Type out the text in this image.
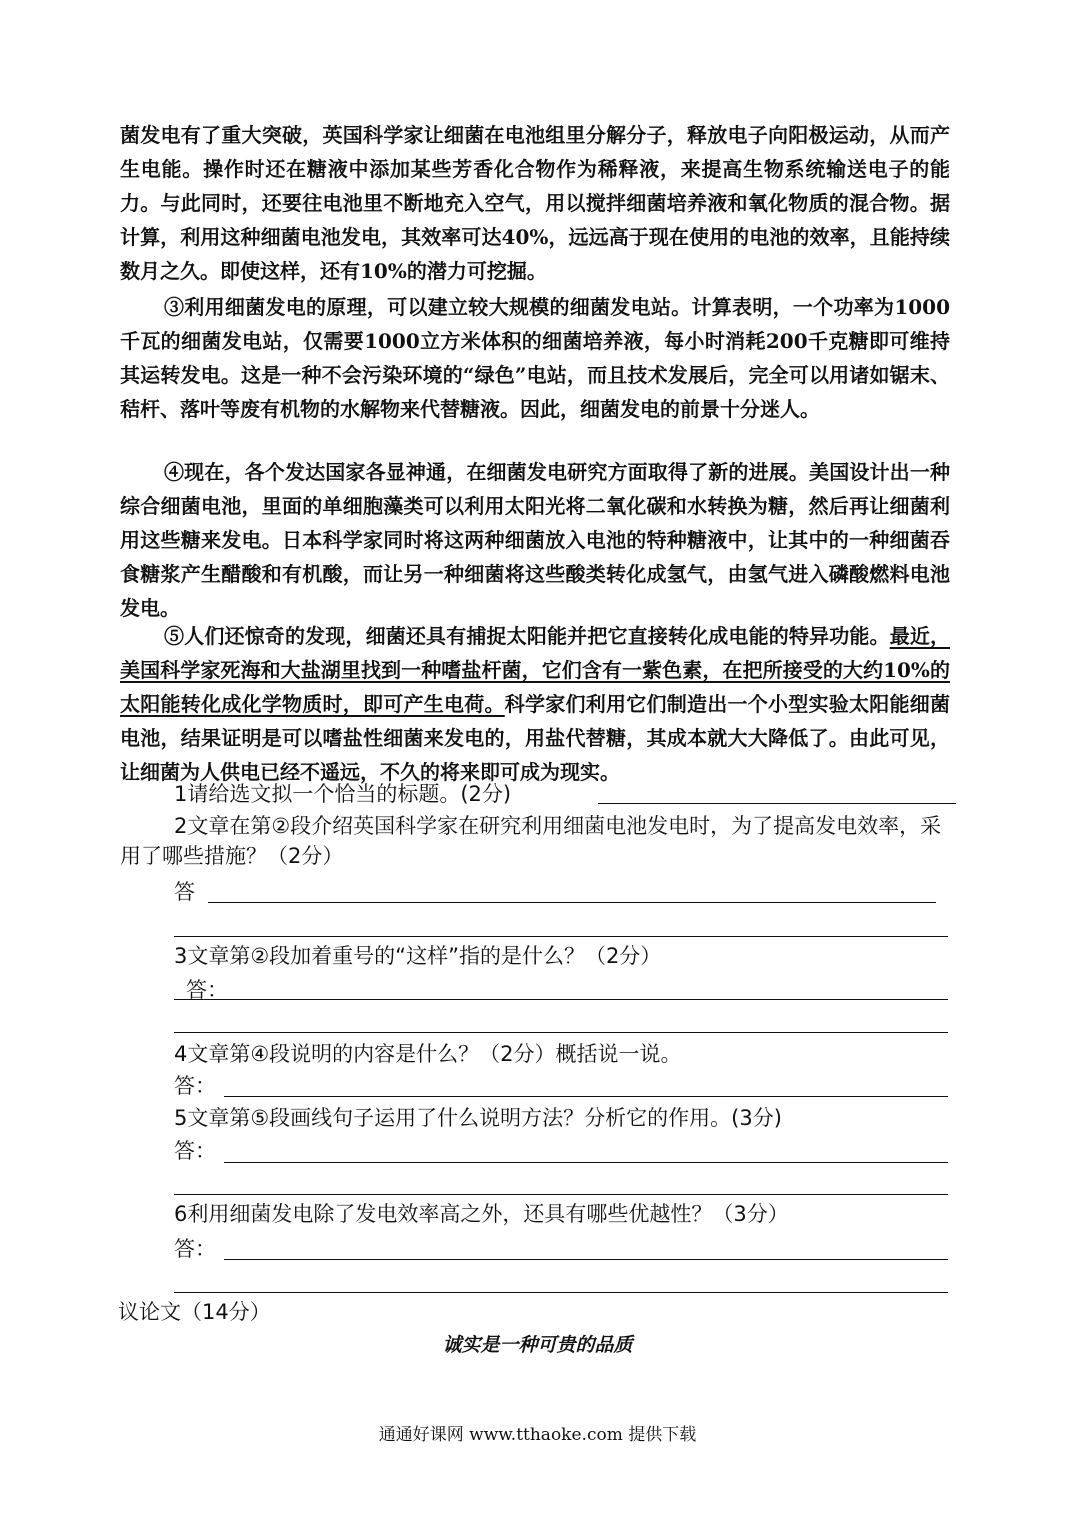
菌发电有了重大突破，英国科学家让细菌在电池组里分解分子，释放电子向阳极运动，从而产生电能。操作时还在糖液中添加某些芳香化合物作为稀释液，来提高生物系统输送电子的能力。与此同时，还要往电池里不断地充入空气，用以搅拌细菌培养液和氧化物质的混合物。据计算，利用这种细菌电池发电，其效率可达40%，远远高于现在使用的电池的效率，且能持续数月之久。即使这样，还有10%的潜力可挖掘。
③利用细菌发电的原理，可以建立较大规模的细菌发电站。计算表明，一个功率为1000千瓦的细菌发电站，仅需要1000立方米体积的细菌培养液，每小时消耗200千克糖即可维持其运转发电。这是一种不会污染环境的“绿色”电站，而且技术发展后，完全可以用诸如锯末、秸杆、落叶等废有机物的水解物来代替糖液。因此，细菌发电的前景十分迷人。
④现在，各个发达国家各显神通，在细菌发电研究方面取得了新的进展。美国设计出一种综合细菌电池，里面的单细胞藻类可以利用太阳光将二氧化碳和水转换为糖，然后再让细菌利用这些糖来发电。日本科学家同时将这两种细菌放入电池的特种糖液中，让其中的一种细菌吞食糖浆产生醋酸和有机酸，而让另一种细菌将这些酸类转化成氢气，由氢气进入磷酸燃料电池发电。
⑤人们还惊奇的发现，细菌还具有捕捉太阳能并把它直接转化成电能的特异功能。最近，美国科学家死海和大盐湖里找到一种嗜盐杆菌，它们含有一紫色素，在把所接受的大约10%的太阳能转化成化学物质时，即可产生电荷。科学家们利用它们制造出一个小型实验太阳能细菌电池，结果证明是可以嗜盐性细菌来发电的，用盐代替糖，其成本就大大降低了。由此可见，让细菌为人供电已经不遥远，不久的将来即可成为现实。
1请给选文拟一个恰当的标题。(2分)
2文章在第②段介绍英国科学家在研究利用细菌电池发电时，为了提高发电效率，采用了哪些措施？（2分）
答
3文章第②段加着重号的“这样”指的是什么？（2分）
答：
4文章第④段说明的内容是什么？（2分）概括说一说。
答：
5文章第⑤段画线句子运用了什么说明方法？分析它的作用。(3分)
答：
6利用细菌发电除了发电效率高之外，还具有哪些优越性？（3分）
答：
议论文（14分）
诚实是一种可贵的品质
通通好课网 www.tthaoke.com 提供下载
